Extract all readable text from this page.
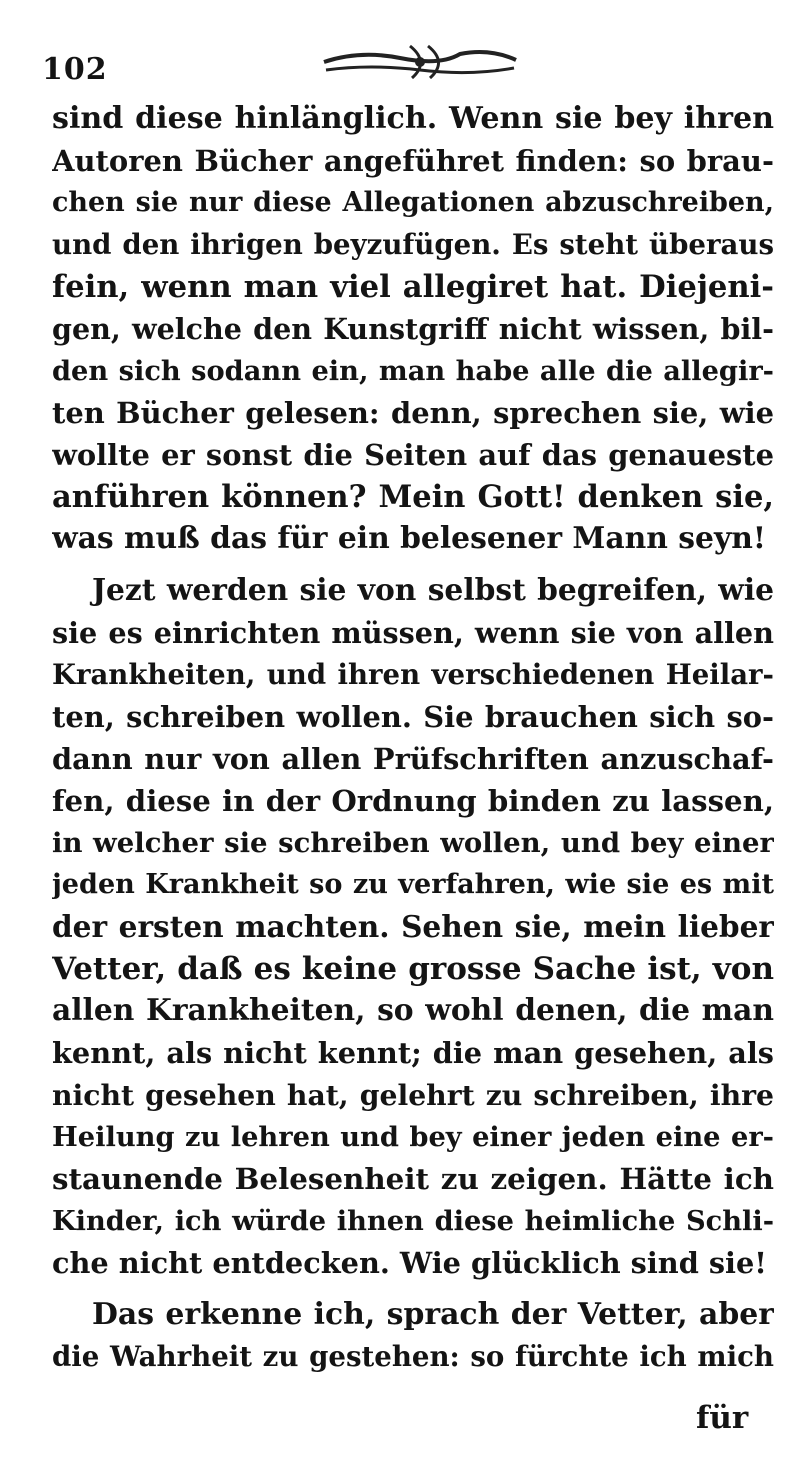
102
sind diese hinlänglich. Wenn sie bey ihren
Autoren Bücher angeführet finden: so brau-
chen sie nur diese Allegationen abzuschreiben,
und den ihrigen beyzufügen. Es steht überaus
fein, wenn man viel allegiret hat. Diejeni-
gen, welche den Kunstgriff nicht wissen, bil-
den sich sodann ein, man habe alle die allegir-
ten Bücher gelesen: denn, sprechen sie, wie
wollte er sonst die Seiten auf das genaueste
anführen können? Mein Gott! denken sie,
was muß das für ein belesener Mann seyn!
Jezt werden sie von selbst begreifen, wie
sie es einrichten müssen, wenn sie von allen
Krankheiten, und ihren verschiedenen Heilar-
ten, schreiben wollen. Sie brauchen sich so-
dann nur von allen Prüfschriften anzuschaf-
fen, diese in der Ordnung binden zu lassen,
in welcher sie schreiben wollen, und bey einer
jeden Krankheit so zu verfahren, wie sie es mit
der ersten machten. Sehen sie, mein lieber
Vetter, daß es keine grosse Sache ist, von
allen Krankheiten, so wohl denen, die man
kennt, als nicht kennt; die man gesehen, als
nicht gesehen hat, gelehrt zu schreiben, ihre
Heilung zu lehren und bey einer jeden eine er-
staunende Belesenheit zu zeigen. Hätte ich
Kinder, ich würde ihnen diese heimliche Schli-
che nicht entdecken. Wie glücklich sind sie!
Das erkenne ich, sprach der Vetter, aber
die Wahrheit zu gestehen: so fürchte ich mich
für
